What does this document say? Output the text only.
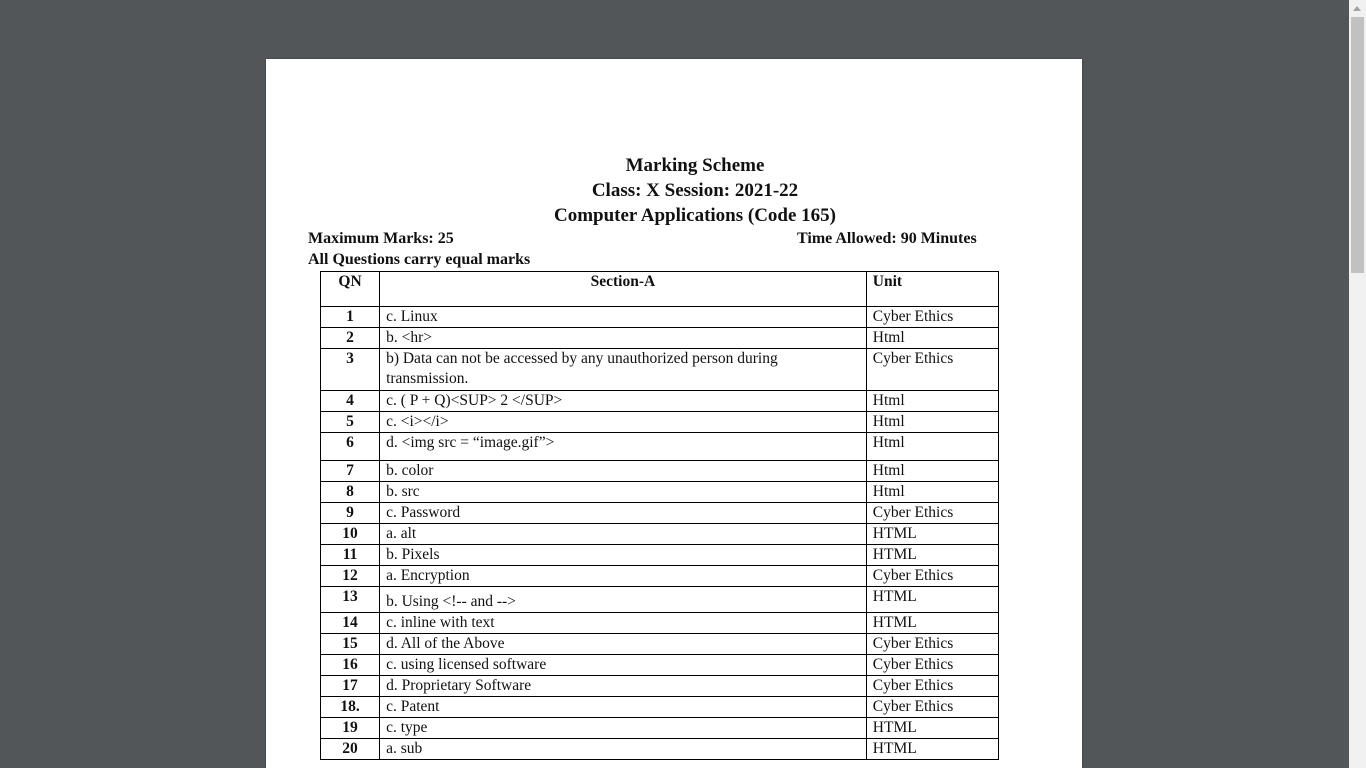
Marking Scheme
Class: X Session: 2021-22
Computer Applications (Code 165)
Maximum Marks: 25	Time Allowed: 90 Minutes
All Questions carry equal marks
QN	Section-A	Unit
1	c. Linux	Cyber Ethics
2	b. <hr>	Html
3	b) Data can not be accessed by any unauthorized person during transmission.	Cyber Ethics
4	c. ( P + Q)<SUP> 2 </SUP>	Html
5	c. <i></i>	Html
6	d. <img src = “image.gif”>	Html
7	b. color	Html
8	b. src	Html
9	c. Password	Cyber Ethics
10	a. alt	HTML
11	b. Pixels	HTML
12	a. Encryption	Cyber Ethics
13	b. Using <!-- and -->	HTML
14	c. inline with text	HTML
15	d. All of the Above	Cyber Ethics
16	c. using licensed software	Cyber Ethics
17	d. Proprietary Software	Cyber Ethics
18.	c. Patent	Cyber Ethics
19	c. type	HTML
20	a. sub	HTML
